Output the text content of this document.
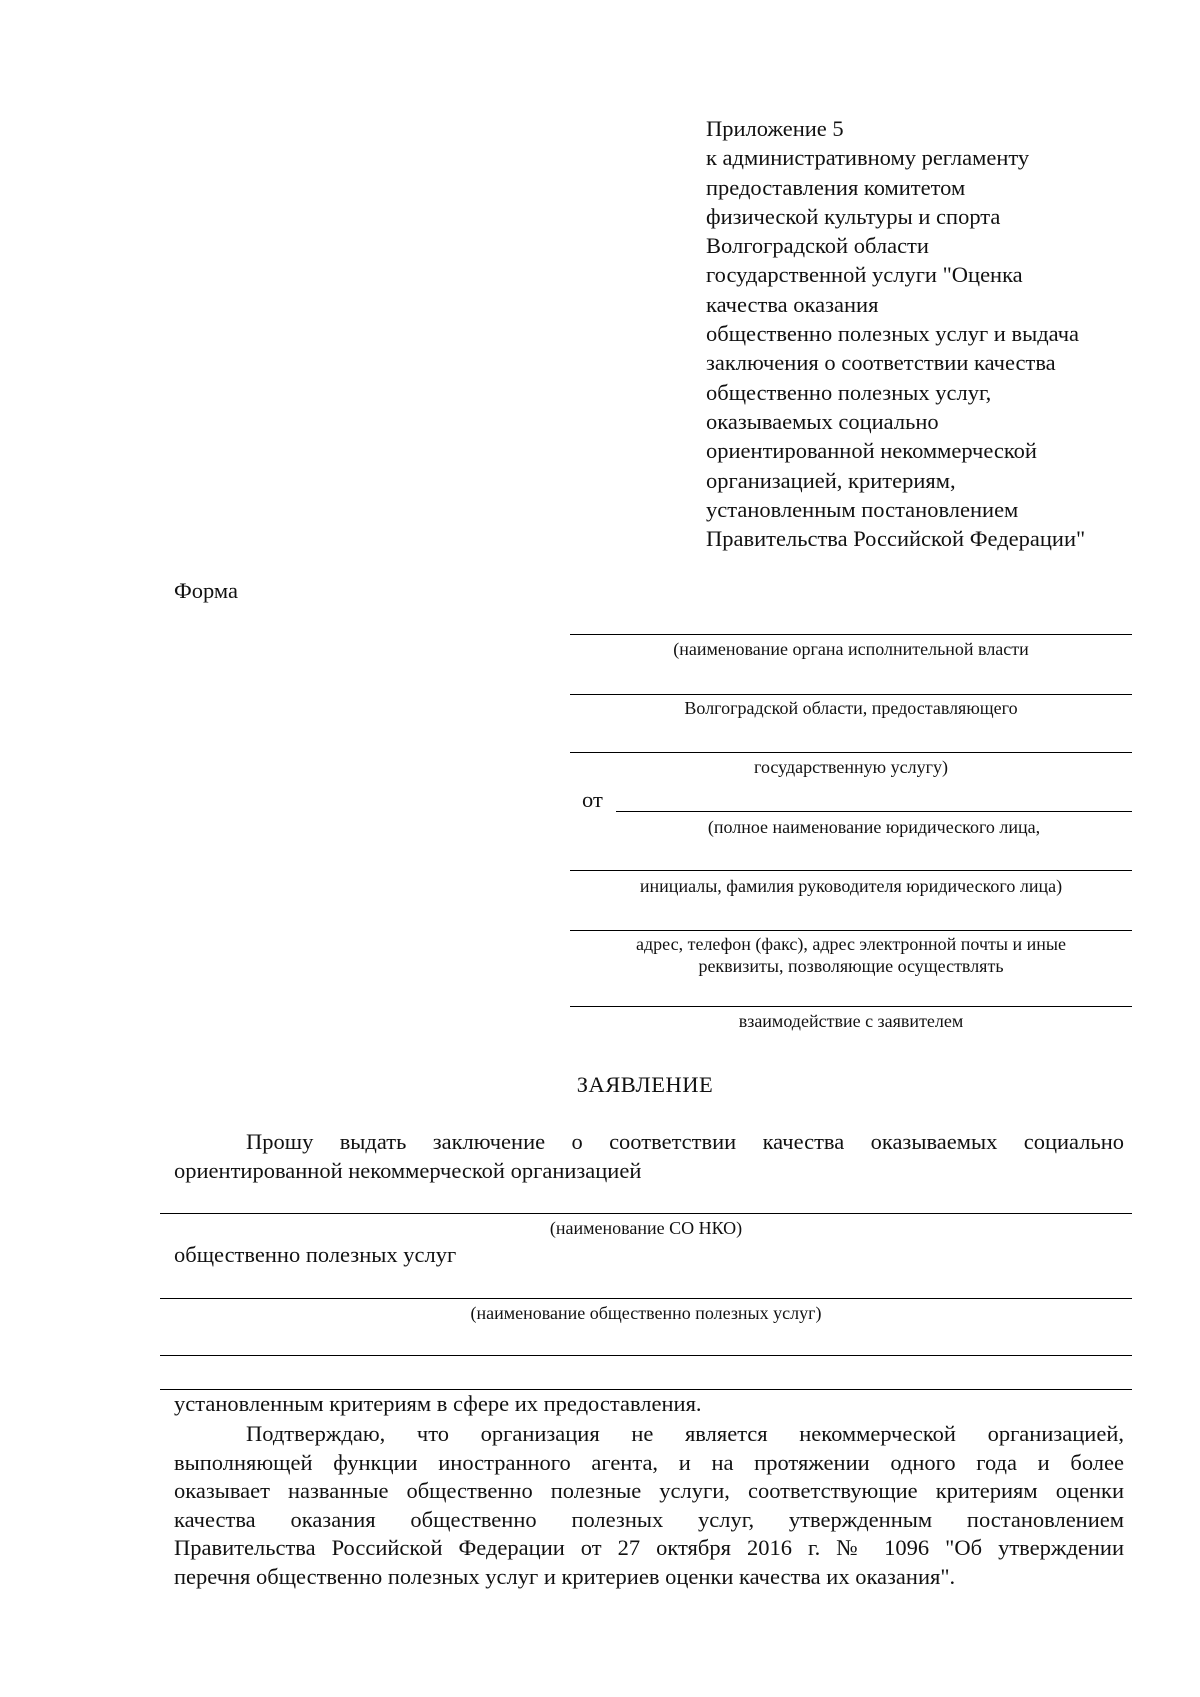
Приложение 5
к административному регламенту
предоставления комитетом
физической культуры и спорта
Волгоградской области
государственной услуги "Оценка
качества оказания
общественно полезных услуг и выдача
заключения о соответствии качества
общественно полезных услуг,
оказываемых социально
ориентированной некоммерческой
организацией, критериям,
установленным постановлением
Правительства Российской Федерации"
Форма
(наименование органа исполнительной власти
Волгоградской области, предоставляющего
государственную услугу)
от
(полное наименование юридического лица,
инициалы, фамилия руководителя юридического лица)
адрес, телефон (факс), адрес электронной почты и иные
реквизиты, позволяющие осуществлять
взаимодействие с заявителем
ЗАЯВЛЕНИЕ
Прошу выдать заключение о соответствии качества оказываемых социально
ориентированной некоммерческой организацией
(наименование СО НКО)
общественно полезных услуг
(наименование общественно полезных услуг)
установленным критериям в сфере их предоставления.
Подтверждаю, что организация не является некоммерческой организацией,
выполняющей функции иностранного агента, и на протяжении одного года и более
оказывает названные общественно полезные услуги, соответствующие критериям оценки
качества оказания общественно полезных услуг, утвержденным постановлением
Правительства Российской Федерации от 27 октября 2016 г. № 1096 "Об утверждении
перечня общественно полезных услуг и критериев оценки качества их оказания".
